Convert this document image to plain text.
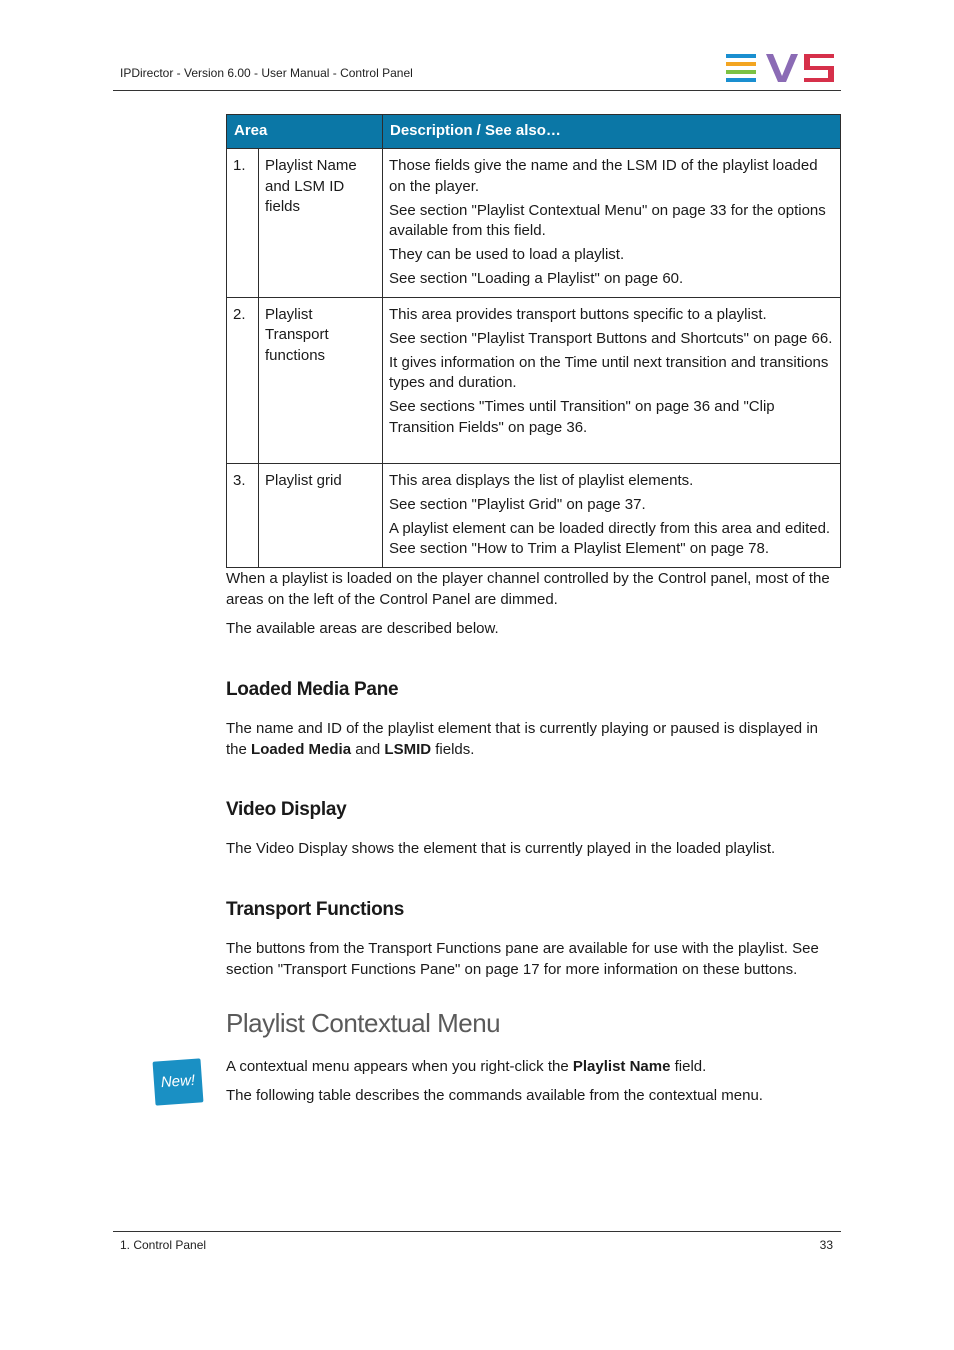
IPDirector - Version 6.00 - User Manual - Control Panel
Area		Description / See also…
1.	Playlist Name and LSM ID fields	Those fields give the name and the LSM ID of the playlist loaded on the player.

See section "Playlist Contextual Menu" on page 33 for the options available from this field.

They can be used to load a playlist.

See section "Loading a Playlist" on page 60.

2.	Playlist Transport functions	This area provides transport buttons specific to a playlist.

See section "Playlist Transport Buttons and Shortcuts" on page 66.

It gives information on the Time until next transition and transitions types and duration.

See sections "Times until Transition" on page 36 and "Clip Transition Fields" on page 36.

3.	Playlist grid	This area displays the list of playlist elements.

See section "Playlist Grid" on page 37.

A playlist element can be loaded directly from this area and edited. See section "How to Trim a Playlist Element" on page 78.

When a playlist is loaded on the player channel controlled by the Control panel, most of the areas on the left of the Control Panel are dimmed.

The available areas are described below.

Loaded Media Pane

The name and ID of the playlist element that is currently playing or paused is displayed in the Loaded Media and LSMID fields.

Video Display

The Video Display shows the element that is currently played in the loaded playlist.

Transport Functions

The buttons from the Transport Functions pane are available for use with the playlist. See section "Transport Functions Pane" on page 17 for more information on these buttons.

Playlist Contextual Menu
New!

A contextual menu appears when you right-click the Playlist Name field.

The following table describes the commands available from the contextual menu.

1. Control Panel	33
